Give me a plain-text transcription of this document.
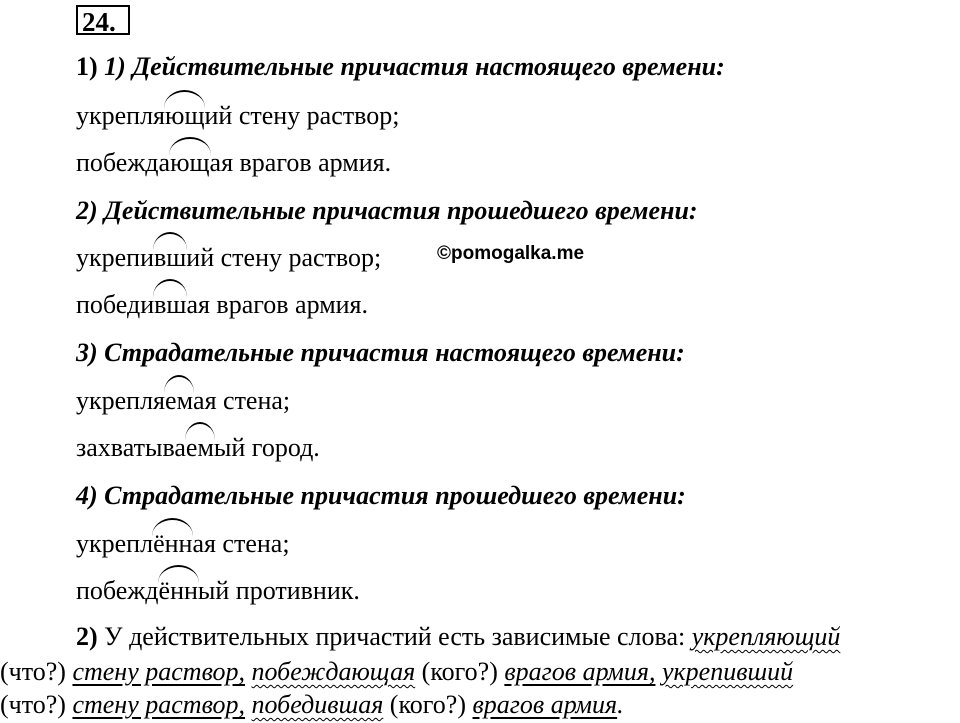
24.
1) 1) Действительные причастия настоящего времени:
укрепляющий стену раствор;
побеждающая врагов армия.
2) Действительные причастия прошедшего времени:
укрепивший стену раствор;	©pomogalka.me
победившая врагов армия.
3) Страдательные причастия настоящего времени:
укрепляемая стена;
захватываемый город.
4) Страдательные причастия прошедшего времени:
укреплённая стена;
побеждённый противник.
2) У действительных причастий есть зависимые слова: укрепляющий
(что?) стену раствор, побеждающая (кого?) врагов армия, укрепивший
(что?) стену раствор, победившая (кого?) врагов армия.
